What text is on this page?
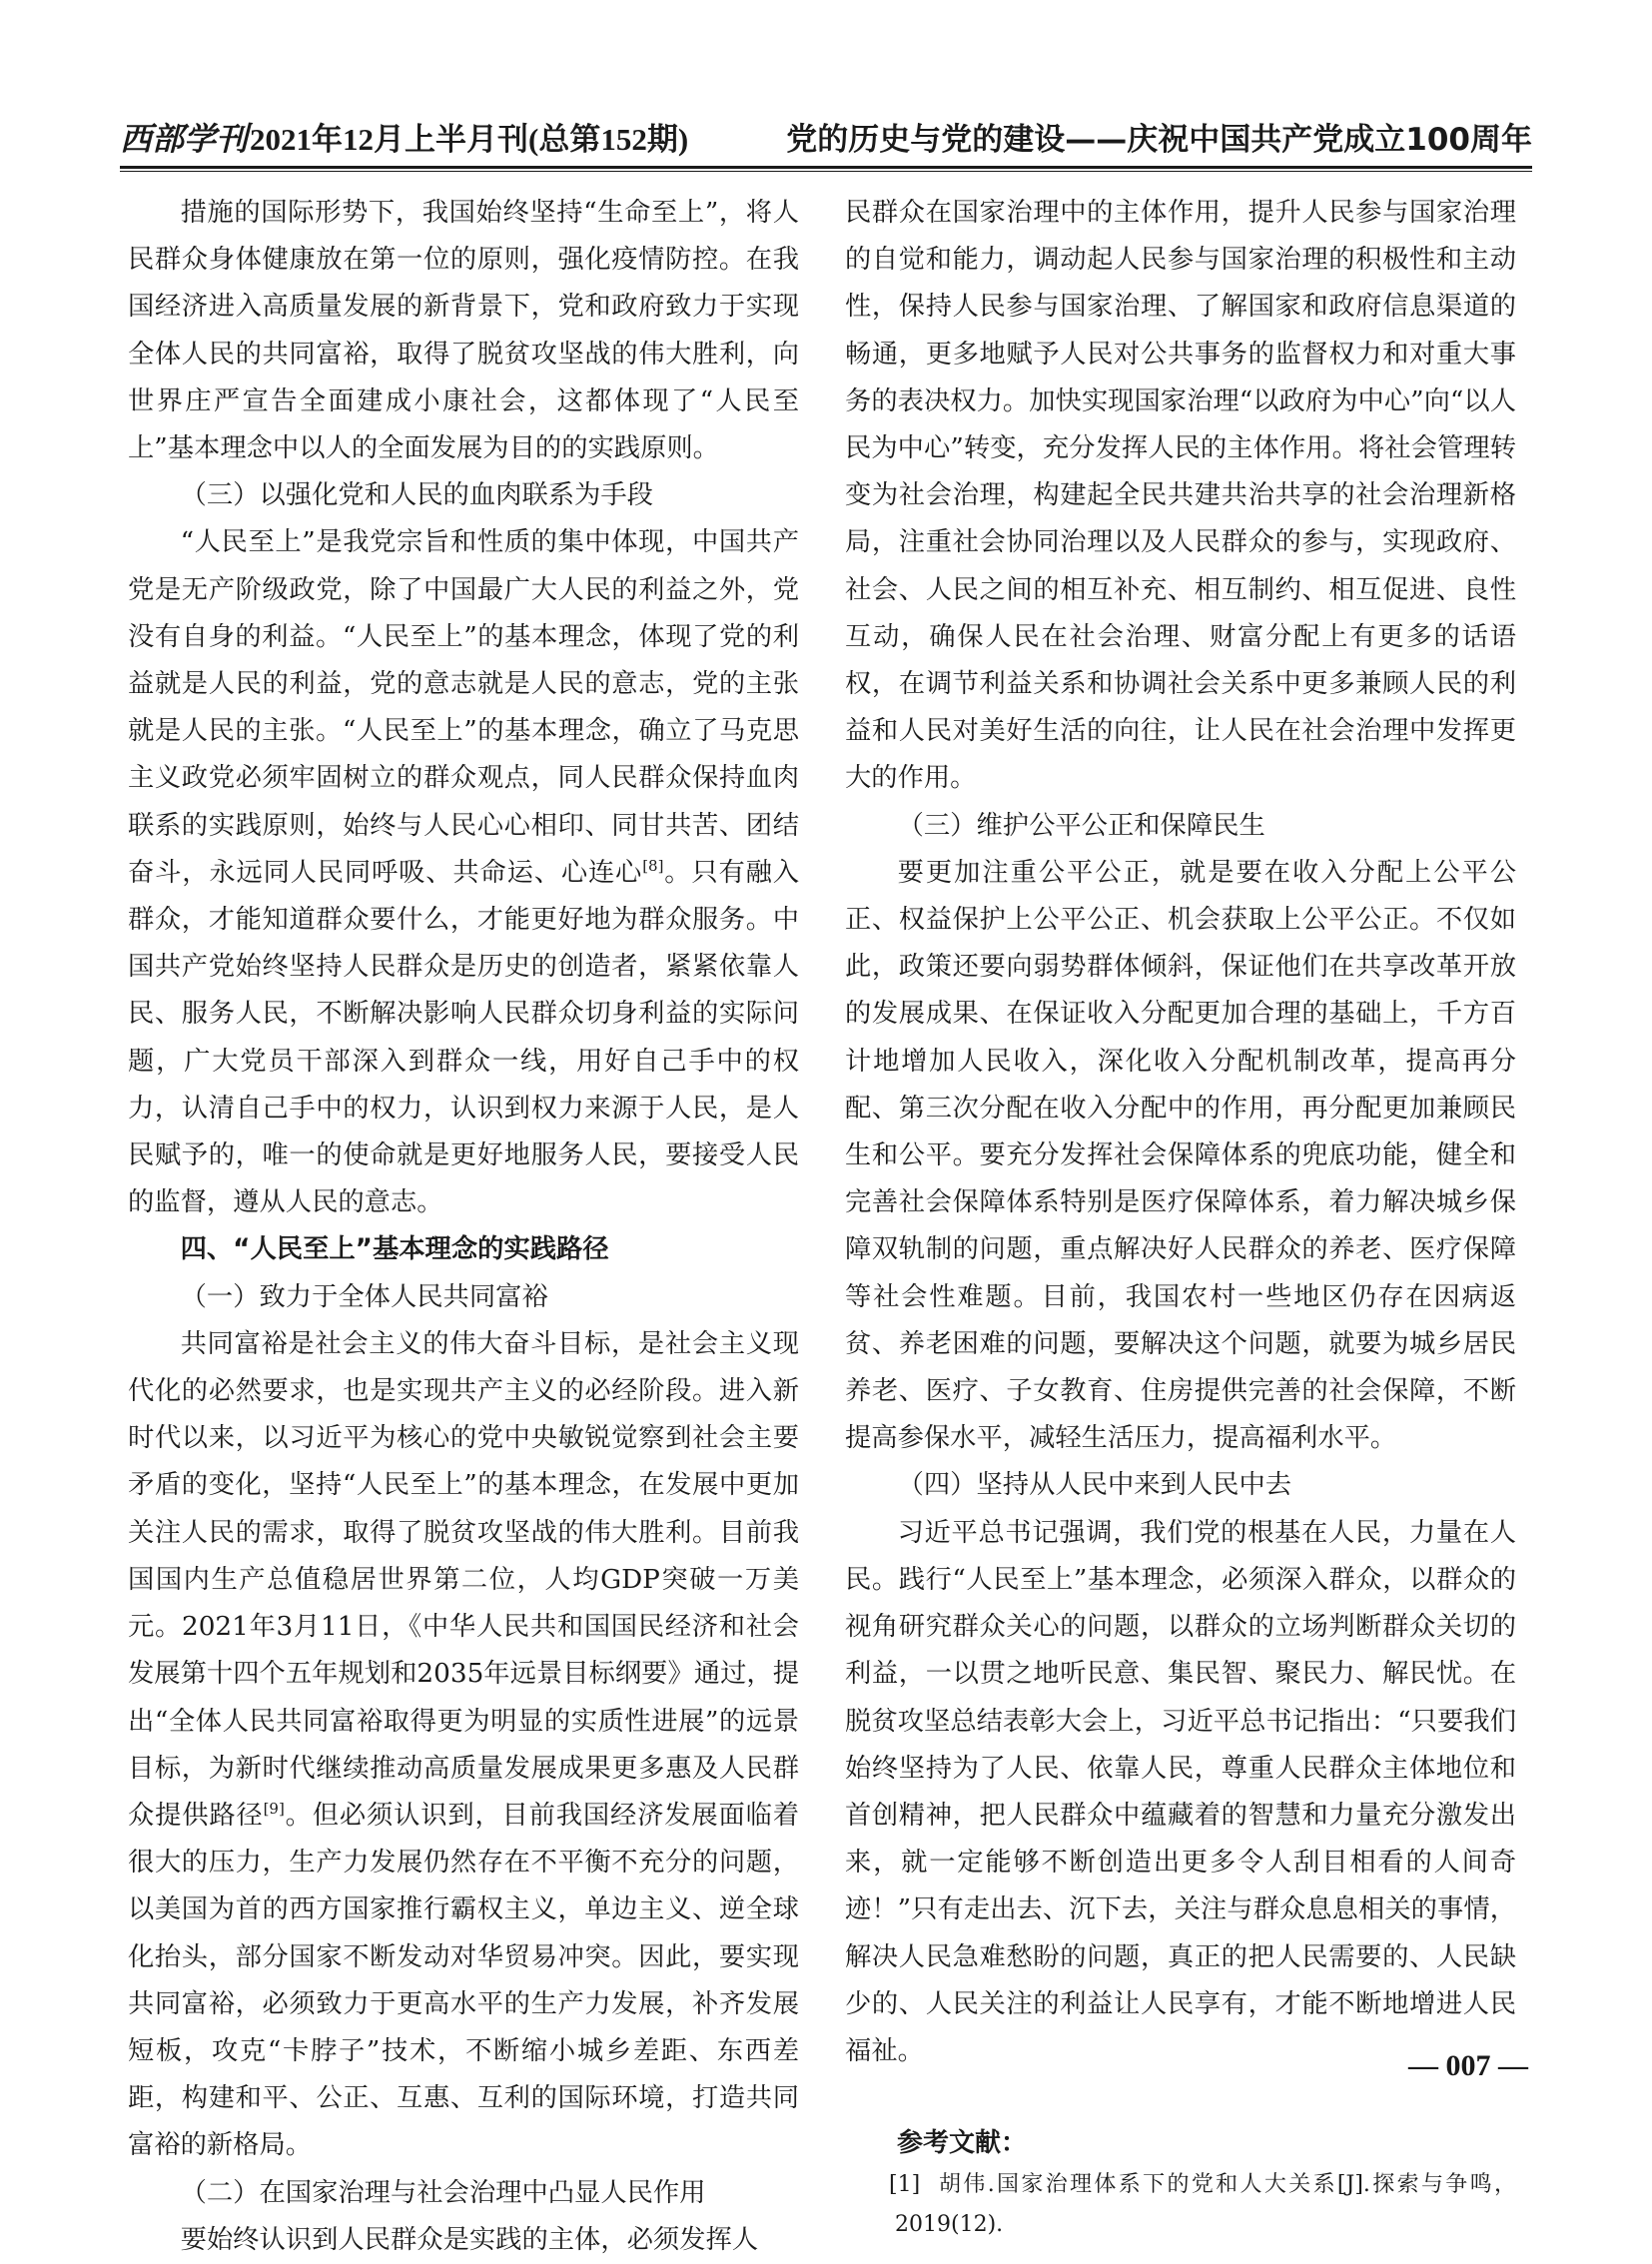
西部学刊2021年12月上半月刊(总第152期)	党的历史与党的建设——庆祝中国共产党成立100周年

措施的国际形势下，我国始终坚持“生命至上”，将人民群众身体健康放在第一位的原则，强化疫情防控。在我国经济进入高质量发展的新背景下，党和政府致力于实现全体人民的共同富裕，取得了脱贫攻坚战的伟大胜利，向世界庄严宣告全面建成小康社会，这都体现了“人民至上”基本理念中以人的全面发展为目的的实践原则。

（三）以强化党和人民的血肉联系为手段

“人民至上”是我党宗旨和性质的集中体现，中国共产党是无产阶级政党，除了中国最广大人民的利益之外，党没有自身的利益。“人民至上”的基本理念，体现了党的利益就是人民的利益，党的意志就是人民的意志，党的主张就是人民的主张。“人民至上”的基本理念，确立了马克思主义政党必须牢固树立的群众观点，同人民群众保持血肉联系的实践原则，始终与人民心心相印、同甘共苦、团结奋斗，永远同人民同呼吸、共命运、心连心[8]。只有融入群众，才能知道群众要什么，才能更好地为群众服务。中国共产党始终坚持人民群众是历史的创造者，紧紧依靠人民、服务人民，不断解决影响人民群众切身利益的实际问题，广大党员干部深入到群众一线，用好自己手中的权力，认清自己手中的权力，认识到权力来源于人民，是人民赋予的，唯一的使命就是更好地服务人民，要接受人民的监督，遵从人民的意志。

四、“人民至上”基本理念的实践路径

（一）致力于全体人民共同富裕

共同富裕是社会主义的伟大奋斗目标，是社会主义现代化的必然要求，也是实现共产主义的必经阶段。进入新时代以来，以习近平为核心的党中央敏锐觉察到社会主要矛盾的变化，坚持“人民至上”的基本理念，在发展中更加关注人民的需求，取得了脱贫攻坚战的伟大胜利。目前我国国内生产总值稳居世界第二位，人均GDP突破一万美元。2021年3月11日，《中华人民共和国国民经济和社会发展第十四个五年规划和2035年远景目标纲要》通过，提出“全体人民共同富裕取得更为明显的实质性进展”的远景目标，为新时代继续推动高质量发展成果更多惠及人民群众提供路径[9]。但必须认识到，目前我国经济发展面临着很大的压力，生产力发展仍然存在不平衡不充分的问题，以美国为首的西方国家推行霸权主义，单边主义、逆全球化抬头，部分国家不断发动对华贸易冲突。因此，要实现共同富裕，必须致力于更高水平的生产力发展，补齐发展短板，攻克“卡脖子”技术，不断缩小城乡差距、东西差距，构建和平、公正、互惠、互利的国际环境，打造共同富裕的新格局。

（二）在国家治理与社会治理中凸显人民作用

要始终认识到人民群众是实践的主体，必须发挥人

民群众在国家治理中的主体作用，提升人民参与国家治理的自觉和能力，调动起人民参与国家治理的积极性和主动性，保持人民参与国家治理、了解国家和政府信息渠道的畅通，更多地赋予人民对公共事务的监督权力和对重大事务的表决权力。加快实现国家治理“以政府为中心”向“以人民为中心”转变，充分发挥人民的主体作用。将社会管理转变为社会治理，构建起全民共建共治共享的社会治理新格局，注重社会协同治理以及人民群众的参与，实现政府、社会、人民之间的相互补充、相互制约、相互促进、良性互动，确保人民在社会治理、财富分配上有更多的话语权，在调节利益关系和协调社会关系中更多兼顾人民的利益和人民对美好生活的向往，让人民在社会治理中发挥更大的作用。

（三）维护公平公正和保障民生

要更加注重公平公正，就是要在收入分配上公平公正、权益保护上公平公正、机会获取上公平公正。不仅如此，政策还要向弱势群体倾斜，保证他们在共享改革开放的发展成果、在保证收入分配更加合理的基础上，千方百计地增加人民收入，深化收入分配机制改革，提高再分配、第三次分配在收入分配中的作用，再分配更加兼顾民生和公平。要充分发挥社会保障体系的兜底功能，健全和完善社会保障体系特别是医疗保障体系，着力解决城乡保障双轨制的问题，重点解决好人民群众的养老、医疗保障等社会性难题。目前，我国农村一些地区仍存在因病返贫、养老困难的问题，要解决这个问题，就要为城乡居民养老、医疗、子女教育、住房提供完善的社会保障，不断提高参保水平，减轻生活压力，提高福利水平。

（四）坚持从人民中来到人民中去

习近平总书记强调，我们党的根基在人民，力量在人民。践行“人民至上”基本理念，必须深入群众，以群众的视角研究群众关心的问题，以群众的立场判断群众关切的利益，一以贯之地听民意、集民智、聚民力、解民忧。在脱贫攻坚总结表彰大会上，习近平总书记指出：“只要我们始终坚持为了人民、依靠人民，尊重人民群众主体地位和首创精神，把人民群众中蕴藏着的智慧和力量充分激发出来，就一定能够不断创造出更多令人刮目相看的人间奇迹！”只有走出去、沉下去，关注与群众息息相关的事情，解决人民急难愁盼的问题，真正的把人民需要的、人民缺少的、人民关注的利益让人民享有，才能不断地增进人民福祉。

参考文献：

[1] 胡伟.国家治理体系下的党和人大关系[J].探索与争鸣，2019(12).

— 007 —
